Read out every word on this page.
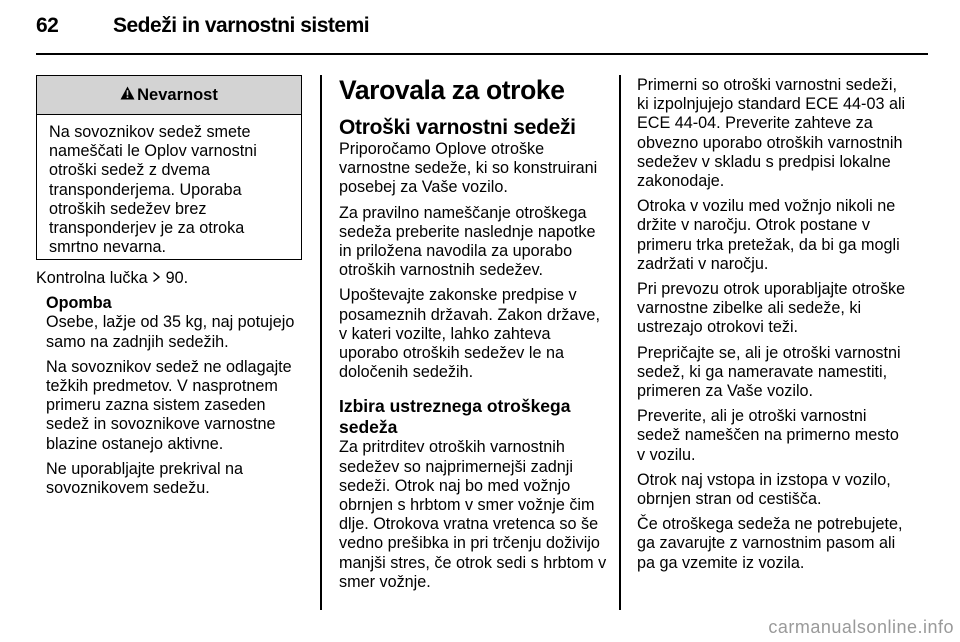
62	Sedeži in varnostni sistemi
Nevarnost
Na sovoznikov sedež smete
nameščati le Oplov varnostni
otroški sedež z dvema
transponderjema. Uporaba
otroških sedežev brez
transponderjev je za otroka
smrtno nevarna.

Kontrolna lučka 90.

Opomba

Osebe, lažje od 35 kg, naj potujejo
samo na zadnjih sedežih.

Na sovoznikov sedež ne odlagajte
težkih predmetov. V nasprotnem
primeru zazna sistem zaseden
sedež in sovoznikove varnostne
blazine ostanejo aktivne.

Ne uporabljajte prekrival na
sovoznikovem sedežu.

Varovala za otroke
Otroški varnostni sedeži

Priporočamo Oplove otroške
varnostne sedeže, ki so konstruirani
posebej za Vaše vozilo.

Za pravilno nameščanje otroškega
sedeža preberite naslednje napotke
in priložena navodila za uporabo
otroških varnostnih sedežev.

Upoštevajte zakonske predpise v
posameznih državah. Zakon države,
v kateri vozilte, lahko zahteva
uporabo otroških sedežev le na
določenih sedežih.

Izbira ustreznega otroškega
sedeža

Za pritrditev otroških varnostnih
sedežev so najprimernejši zadnji
sedeži. Otrok naj bo med vožnjo
obrnjen s hrbtom v smer vožnje čim
dlje. Otrokova vratna vretenca so še
vedno prešibka in pri trčenju doživijo
manjši stres, če otrok sedi s hrbtom v
smer vožnje.

Primerni so otroški varnostni sedeži,
ki izpolnjujejo standard ECE 44-03 ali
ECE 44-04. Preverite zahteve za
obvezno uporabo otroških varnostnih
sedežev v skladu s predpisi lokalne
zakonodaje.

Otroka v vozilu med vožnjo nikoli ne
držite v naročju. Otrok postane v
primeru trka pretežak, da bi ga mogli
zadržati v naročju.

Pri prevozu otrok uporabljajte otroške
varnostne zibelke ali sedeže, ki
ustrezajo otrokovi teži.

Prepričajte se, ali je otroški varnostni
sedež, ki ga nameravate namestiti,
primeren za Vaše vozilo.

Preverite, ali je otroški varnostni
sedež nameščen na primerno mesto
v vozilu.

Otrok naj vstopa in izstopa v vozilo,
obrnjen stran od cestišča.

Če otroškega sedeža ne potrebujete,
ga zavarujte z varnostnim pasom ali
pa ga vzemite iz vozila.

carmanualsonline.info
